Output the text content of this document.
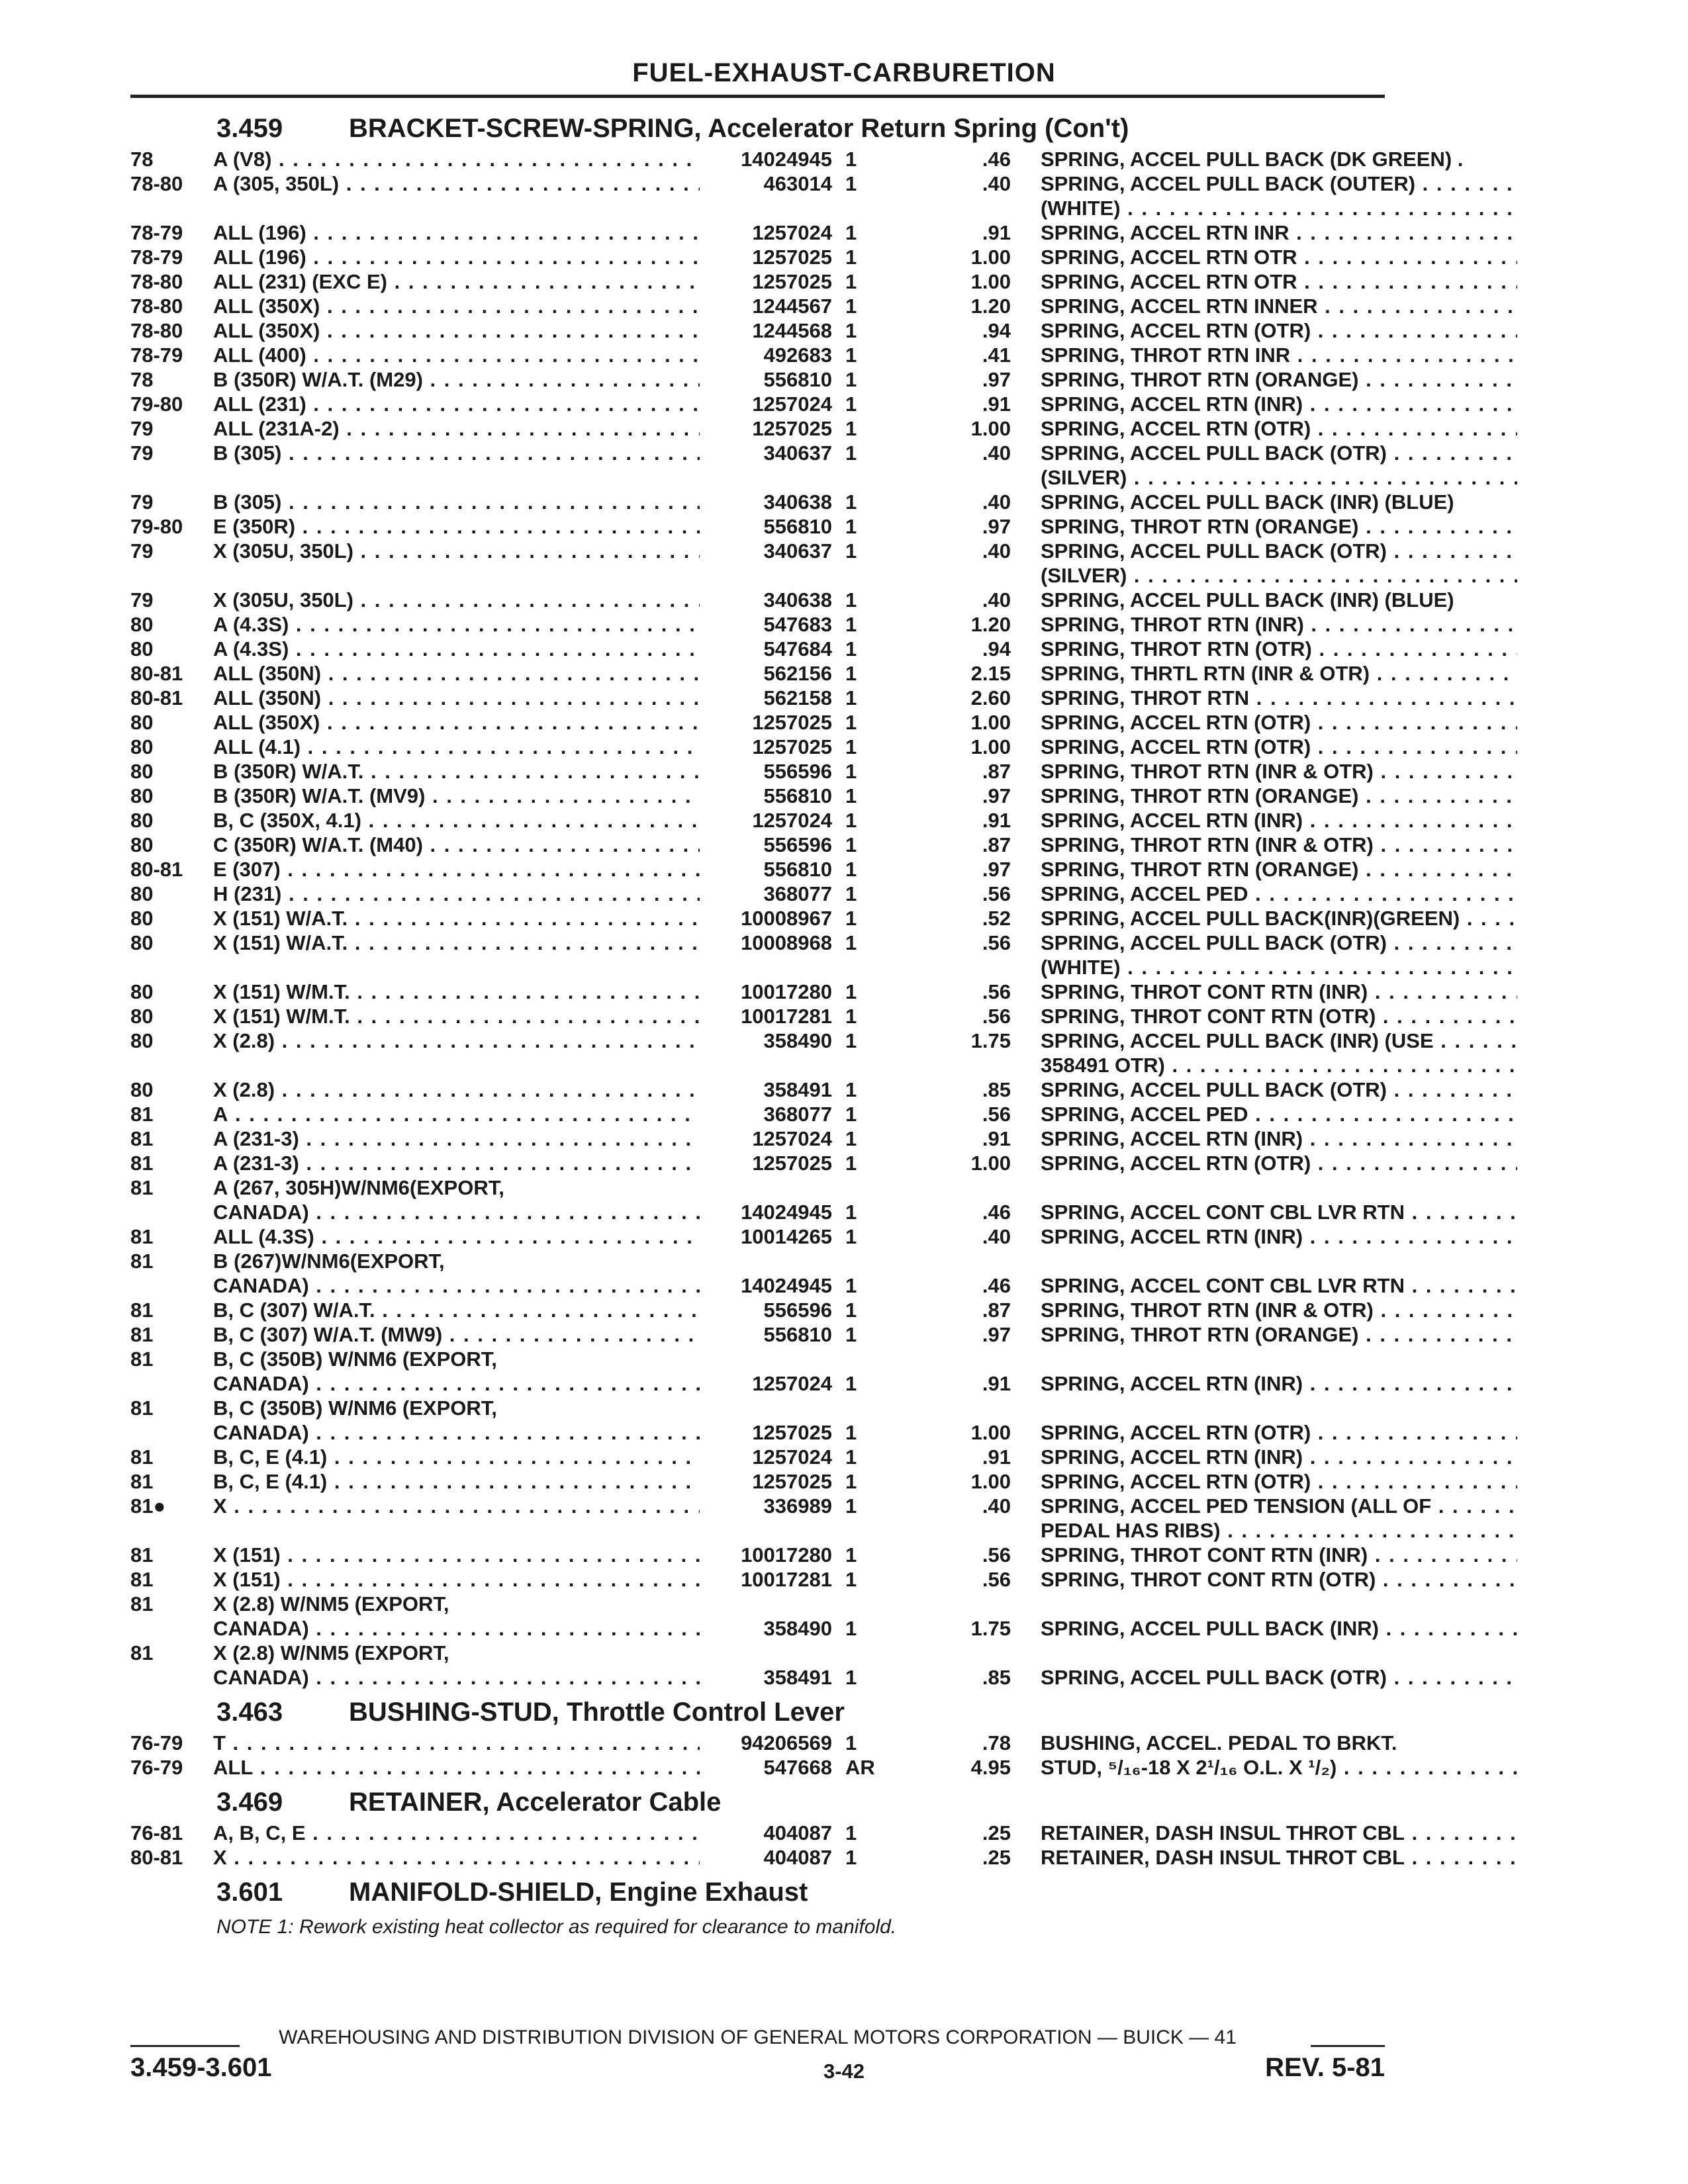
FUEL-EXHAUST-CARBURETION
3.459 BRACKET-SCREW-SPRING, Accelerator Return Spring (Con't)
78	A (V8) . . .	14024945 1	.46 SPRING, ACCEL PULL BACK (DK GREEN) .
78-80	A (305, 350L) . . .	463014 1	.40 SPRING, ACCEL PULL BACK (OUTER) . . .
(WHITE) . . .
78-79	ALL (196) . . .	1257024 1	.91 SPRING, ACCEL RTN INR . . .
78-79	ALL (196) . . .	1257025 1	1.00 SPRING, ACCEL RTN OTR . . .
78-80	ALL (231) (EXC E) . . .	1257025 1	1.00 SPRING, ACCEL RTN OTR . . .
78-80	ALL (350X) . . .	1244567 1	1.20 SPRING, ACCEL RTN INNER . . .
78-80	ALL (350X) . . .	1244568 1	.94 SPRING, ACCEL RTN (OTR) . . .
78-79	ALL (400) . . .	492683 1	.41 SPRING, THROT RTN INR . . .
78	B (350R) W/A.T. (M29) . . .	556810 1	.97 SPRING, THROT RTN (ORANGE) . . .
79-80	ALL (231) . . .	1257024 1	.91 SPRING, ACCEL RTN (INR) . . .
79	ALL (231A-2) . . .	1257025 1	1.00 SPRING, ACCEL RTN (OTR) . . .
79	B (305) . . .	340637 1	.40 SPRING, ACCEL PULL BACK (OTR) . . .
(SILVER) . . .
79	B (305) . . .	340638 1	.40 SPRING, ACCEL PULL BACK (INR) (BLUE)
79-80	E (350R) . . .	556810 1	.97 SPRING, THROT RTN (ORANGE) . . .
79	X (305U, 350L) . . .	340637 1	.40 SPRING, ACCEL PULL BACK (OTR) . . .
(SILVER) . . .
79	X (305U, 350L) . . .	340638 1	.40 SPRING, ACCEL PULL BACK (INR) (BLUE)
80	A (4.3S) . . .	547683 1	1.20 SPRING, THROT RTN (INR) . . .
80	A (4.3S) . . .	547684 1	.94 SPRING, THROT RTN (OTR) . . .
80-81	ALL (350N) . . .	562156 1	2.15 SPRING, THRTL RTN (INR & OTR) . . .
80-81	ALL (350N) . . .	562158 1	2.60 SPRING, THROT RTN . . .
80	ALL (350X) . . .	1257025 1	1.00 SPRING, ACCEL RTN (OTR) . . .
80	ALL (4.1) . . .	1257025 1	1.00 SPRING, ACCEL RTN (OTR) . . .
80	B (350R) W/A.T. . . .	556596 1	.87 SPRING, THROT RTN (INR & OTR) . . .
80	B (350R) W/A.T. (MV9) . . .	556810 1	.97 SPRING, THROT RTN (ORANGE) . . .
80	B, C (350X, 4.1) . . .	1257024 1	.91 SPRING, ACCEL RTN (INR) . . .
80	C (350R) W/A.T. (M40) . . .	556596 1	.87 SPRING, THROT RTN (INR & OTR) . . .
80-81	E (307) . . .	556810 1	.97 SPRING, THROT RTN (ORANGE) . . .
80	H (231) . . .	368077 1	.56 SPRING, ACCEL PED . . .
80	X (151) W/A.T. . . .	10008967 1	.52 SPRING, ACCEL PULL BACK(INR)(GREEN) . . .
80	X (151) W/A.T. . . .	10008968 1	.56 SPRING, ACCEL PULL BACK (OTR) . . .
(WHITE) . . .
80	X (151) W/M.T. . . .	10017280 1	.56 SPRING, THROT CONT RTN (INR) . . .
80	X (151) W/M.T. . . .	10017281 1	.56 SPRING, THROT CONT RTN (OTR) . . .
80	X (2.8) . . .	358490 1	1.75 SPRING, ACCEL PULL BACK (INR) (USE . . .
358491 OTR) . . .
80	X (2.8) . . .	358491 1	.85 SPRING, ACCEL PULL BACK (OTR) . . .
81	A . . .	368077 1	.56 SPRING, ACCEL PED . . .
81	A (231-3) . . .	1257024 1	.91 SPRING, ACCEL RTN (INR) . . .
81	A (231-3) . . .	1257025 1	1.00 SPRING, ACCEL RTN (OTR) . . .
81	A (267, 305H)W/NM6(EXPORT,
CANADA) . . .	14024945 1	.46 SPRING, ACCEL CONT CBL LVR RTN . . .
81	ALL (4.3S) . . .	10014265 1	.40 SPRING, ACCEL RTN (INR) . . .
81	B (267)W/NM6(EXPORT,
CANADA) . . .	14024945 1	.46 SPRING, ACCEL CONT CBL LVR RTN . . .
81	B, C (307) W/A.T. . . .	556596 1	.87 SPRING, THROT RTN (INR & OTR) . . .
81	B, C (307) W/A.T. (MW9) . . .	556810 1	.97 SPRING, THROT RTN (ORANGE) . . .
81	B, C (350B) W/NM6 (EXPORT,
CANADA) . . .	1257024 1	.91 SPRING, ACCEL RTN (INR) . . .
81	B, C (350B) W/NM6 (EXPORT,
CANADA) . . .	1257025 1	1.00 SPRING, ACCEL RTN (OTR) . . .
81	B, C, E (4.1) . . .	1257024 1	.91 SPRING, ACCEL RTN (INR) . . .
81	B, C, E (4.1) . . .	1257025 1	1.00 SPRING, ACCEL RTN (OTR) . . .
81●	X . . .	336989 1	.40 SPRING, ACCEL PED TENSION (ALL OF . . .
PEDAL HAS RIBS) . . .
81	X (151) . . .	10017280 1	.56 SPRING, THROT CONT RTN (INR) . . .
81	X (151) . . .	10017281 1	.56 SPRING, THROT CONT RTN (OTR) . . .
81	X (2.8) W/NM5 (EXPORT,
CANADA) . . .	358490 1	1.75 SPRING, ACCEL PULL BACK (INR) . . .
81	X (2.8) W/NM5 (EXPORT,
CANADA) . . .	358491 1	.85 SPRING, ACCEL PULL BACK (OTR) . . .
3.463 BUSHING-STUD, Throttle Control Lever
76-79	T . . .	94206569 1	.78 BUSHING, ACCEL. PEDAL TO BRKT.
76-79	ALL . . .	547668 AR	4.95 STUD, ⁵/₁₆-18 X 2¹/₁₆ O.L. X ¹/₂) . . .
3.469 RETAINER, Accelerator Cable
76-81	A, B, C, E . . .	404087 1	.25 RETAINER, DASH INSUL THROT CBL . . .
80-81	X . . .	404087 1	.25 RETAINER, DASH INSUL THROT CBL . . .
3.601 MANIFOLD-SHIELD, Engine Exhaust
NOTE 1: Rework existing heat collector as required for clearance to manifold.
WAREHOUSING AND DISTRIBUTION DIVISION OF GENERAL MOTORS CORPORATION — BUICK — 41
3.459-3.601	3-42	REV. 5-81
